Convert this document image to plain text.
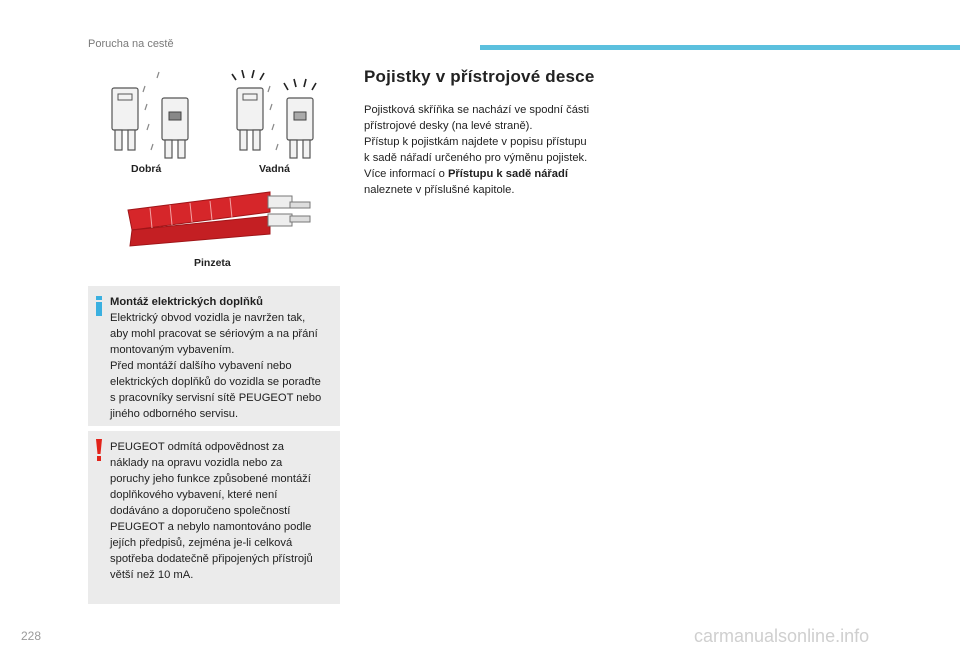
Porucha na cestě
Dobrá	Vadná
Pinzeta
Montáž elektrických doplňků
Elektrický obvod vozidla je navržen tak,
aby mohl pracovat se sériovým a na přání
montovaným vybavením.
Před montáží dalšího vybavení nebo
elektrických doplňků do vozidla se poraďte
s pracovníky servisní sítě PEUGEOT nebo
jiného odborného servisu.
PEUGEOT odmítá odpovědnost za
náklady na opravu vozidla nebo za
poruchy jeho funkce způsobené montáží
doplňkového vybavení, které není
dodáváno a doporučeno společností
PEUGEOT a nebylo namontováno podle
jejích předpisů, zejména je-li celková
spotřeba dodatečně připojených přístrojů
větší než 10 mA.
Pojistky v přístrojové desce
Pojistková skříňka se nachází ve spodní části
přístrojové desky (na levé straně).
Přístup k pojistkám najdete v popisu přístupu
k sadě nářadí určeného pro výměnu pojistek.
Více informací o Přístupu k sadě nářadí
naleznete v příslušné kapitole.
228	carmanualsonline.info
